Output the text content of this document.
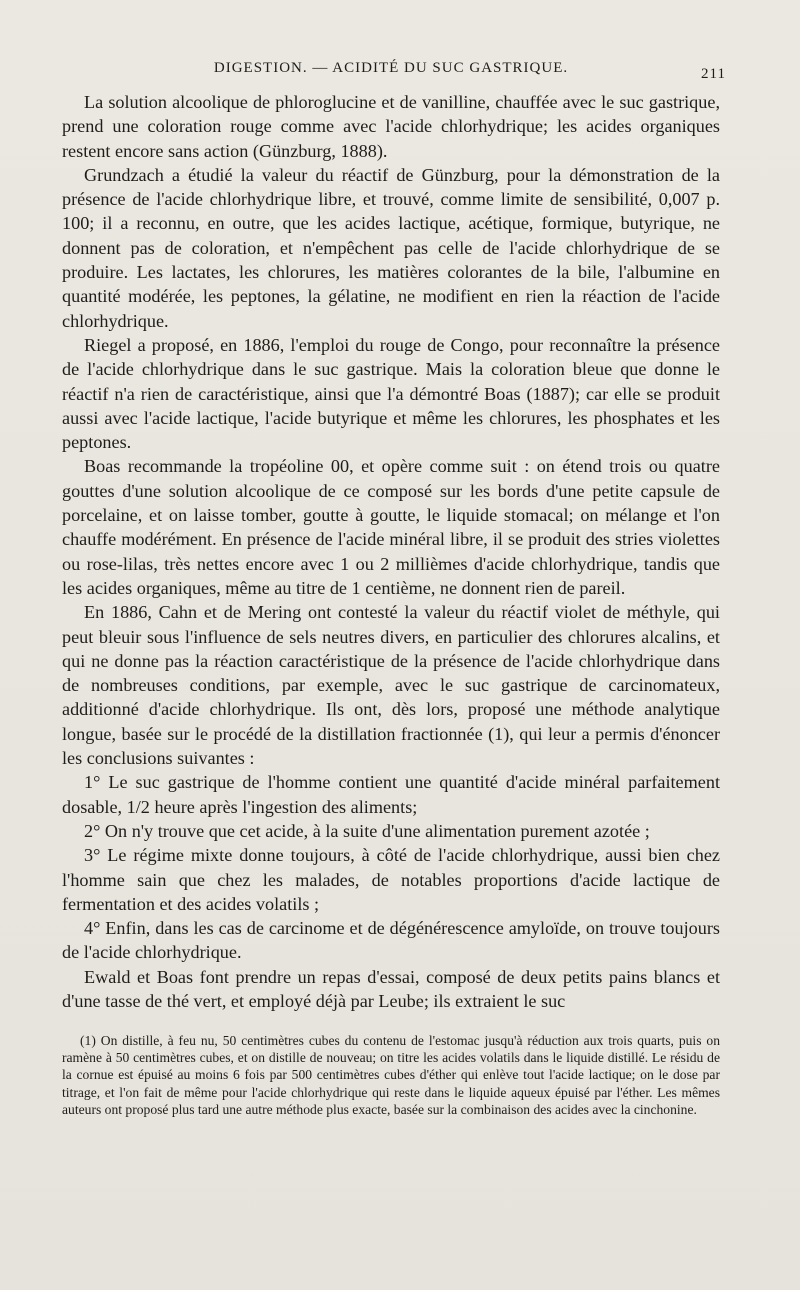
DIGESTION. — ACIDITÉ DU SUC GASTRIQUE.	211

La solution alcoolique de phloroglucine et de vanilline, chauffée avec le suc gastrique, prend une coloration rouge comme avec l'acide chlorhydrique; les acides organiques restent encore sans action (Günzburg, 1888).

Grundzach a étudié la valeur du réactif de Günzburg, pour la démonstration de la présence de l'acide chlorhydrique libre, et trouvé, comme limite de sensibilité, 0,007 p. 100; il a reconnu, en outre, que les acides lactique, acétique, formique, butyrique, ne donnent pas de coloration, et n'empêchent pas celle de l'acide chlorhydrique de se produire. Les lactates, les chlorures, les matières colorantes de la bile, l'albumine en quantité modérée, les peptones, la gélatine, ne modifient en rien la réaction de l'acide chlorhydrique.

Riegel a proposé, en 1886, l'emploi du rouge de Congo, pour reconnaître la présence de l'acide chlorhydrique dans le suc gastrique. Mais la coloration bleue que donne le réactif n'a rien de caractéristique, ainsi que l'a démontré Boas (1887); car elle se produit aussi avec l'acide lactique, l'acide butyrique et même les chlorures, les phosphates et les peptones.

Boas recommande la tropéoline 00, et opère comme suit : on étend trois ou quatre gouttes d'une solution alcoolique de ce composé sur les bords d'une petite capsule de porcelaine, et on laisse tomber, goutte à goutte, le liquide stomacal; on mélange et l'on chauffe modérément. En présence de l'acide minéral libre, il se produit des stries violettes ou rose-lilas, très nettes encore avec 1 ou 2 millièmes d'acide chlorhydrique, tandis que les acides organiques, même au titre de 1 centième, ne donnent rien de pareil.

En 1886, Cahn et de Mering ont contesté la valeur du réactif violet de méthyle, qui peut bleuir sous l'influence de sels neutres divers, en particulier des chlorures alcalins, et qui ne donne pas la réaction caractéristique de la présence de l'acide chlorhydrique dans de nombreuses conditions, par exemple, avec le suc gastrique de carcinomateux, additionné d'acide chlorhydrique. Ils ont, dès lors, proposé une méthode analytique longue, basée sur le procédé de la distillation fractionnée (1), qui leur a permis d'énoncer les conclusions suivantes :

1° Le suc gastrique de l'homme contient une quantité d'acide minéral parfaitement dosable, 1/2 heure après l'ingestion des aliments;

2° On n'y trouve que cet acide, à la suite d'une alimentation purement azotée ;

3° Le régime mixte donne toujours, à côté de l'acide chlorhydrique, aussi bien chez l'homme sain que chez les malades, de notables proportions d'acide lactique de fermentation et des acides volatils ;

4° Enfin, dans les cas de carcinome et de dégénérescence amyloïde, on trouve toujours de l'acide chlorhydrique.

Ewald et Boas font prendre un repas d'essai, composé de deux petits pains blancs et d'une tasse de thé vert, et employé déjà par Leube; ils extraient le suc

(1) On distille, à feu nu, 50 centimètres cubes du contenu de l'estomac jusqu'à réduction aux trois quarts, puis on ramène à 50 centimètres cubes, et on distille de nouveau; on titre les acides volatils dans le liquide distillé. Le résidu de la cornue est épuisé au moins 6 fois par 500 centimètres cubes d'éther qui enlève tout l'acide lactique; on le dose par titrage, et l'on fait de même pour l'acide chlorhydrique qui reste dans le liquide aqueux épuisé par l'éther. Les mêmes auteurs ont proposé plus tard une autre méthode plus exacte, basée sur la combinaison des acides avec la cinchonine.
